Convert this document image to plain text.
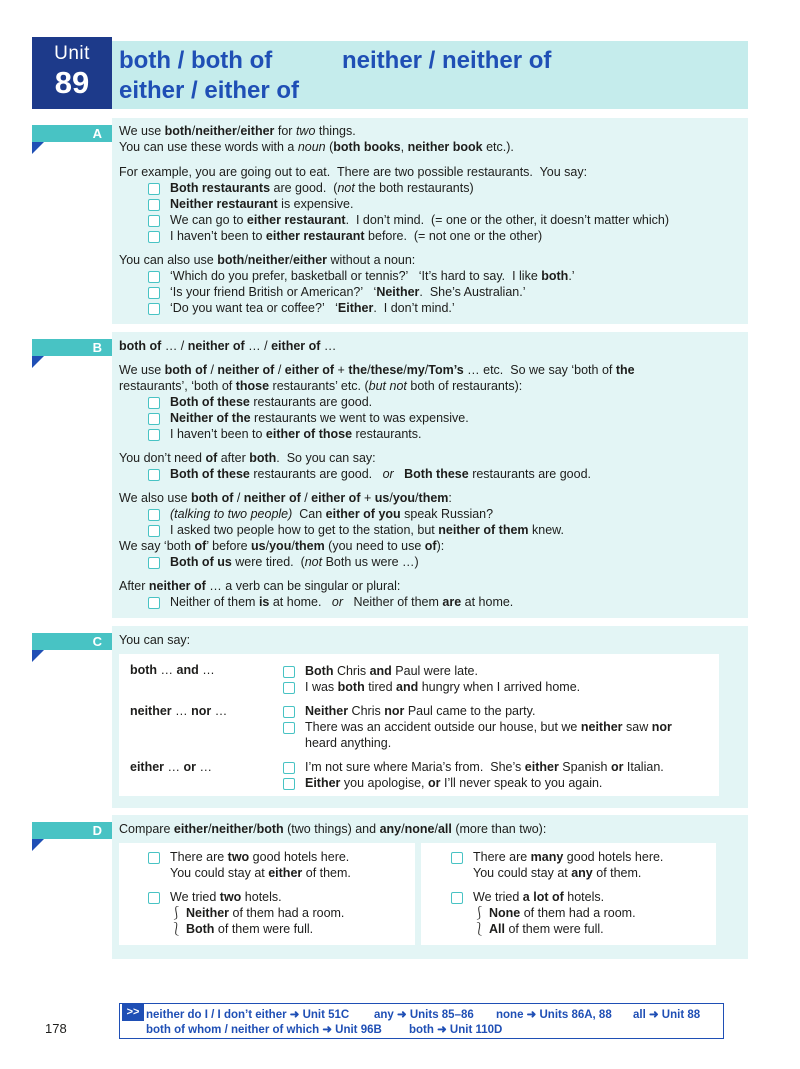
Unit
89
both / both of	neither / neither of
either / either of
A	We use both/neither/either for two things.
You can use these words with a noun (both books, neither book etc.).
For example, you are going out to eat.  There are two possible restaurants.  You say:
Both restaurants are good.  (not the both restaurants)
Neither restaurant is expensive.
We can go to either restaurant.  I don’t mind.  (= one or the other, it doesn’t matter which)
I haven’t been to either restaurant before.  (= not one or the other)
You can also use both/neither/either without a noun:
‘Which do you prefer, basketball or tennis?’   ‘It’s hard to say.  I like both.’
‘Is your friend British or American?’   ‘Neither.  She’s Australian.’
‘Do you want tea or coffee?’   ‘Either.  I don’t mind.’
B	both of … / neither of … / either of …
We use both of / neither of / either of + the/these/my/Tom’s … etc.  So we say ‘both of the
restaurants’, ‘both of those restaurants’ etc. (but not both of restaurants):
Both of these restaurants are good.
Neither of the restaurants we went to was expensive.
I haven’t been to either of those restaurants.
You don’t need of after both.  So you can say:
Both of these restaurants are good.   or Both these restaurants are good.
We also use both of / neither of / either of + us/you/them:
(talking to two people)  Can either of you speak Russian?
I asked two people how to get to the station, but neither of them knew.
We say ‘both of’ before us/you/them (you need to use of):
Both of us were tired.  (not Both us were …)
After neither of … a verb can be singular or plural:
Neither of them is at home.   or   Neither of them are at home.
C	You can say:
both … and …	Both Chris and Paul were late.
I was both tired and hungry when I arrived home.
neither … nor …	Neither Chris nor Paul came to the party.
There was an accident outside our house, but we neither saw nor
heard anything.
either … or …	I’m not sure where Maria’s from.  She’s either Spanish or Italian.
Either you apologise, or I’ll never speak to you again.
D	Compare either/neither/both (two things) and any/none/all (more than two):
There are two good hotels here.
You could stay at either of them.
We tried two hotels.
⎰ Neither of them had a room.
⎱ Both of them were full.
There are many good hotels here.
You could stay at any of them.
We tried a lot of hotels.
⎰ None of them had a room.
⎱ All of them were full.
>> neither do I / I don’t either ➜ Unit 51C any ➜ Units 85–86 none ➜ Units 86A, 88 all ➜ Unit 88
both of whom / neither of which ➜ Unit 96B both ➜ Unit 110D
178
